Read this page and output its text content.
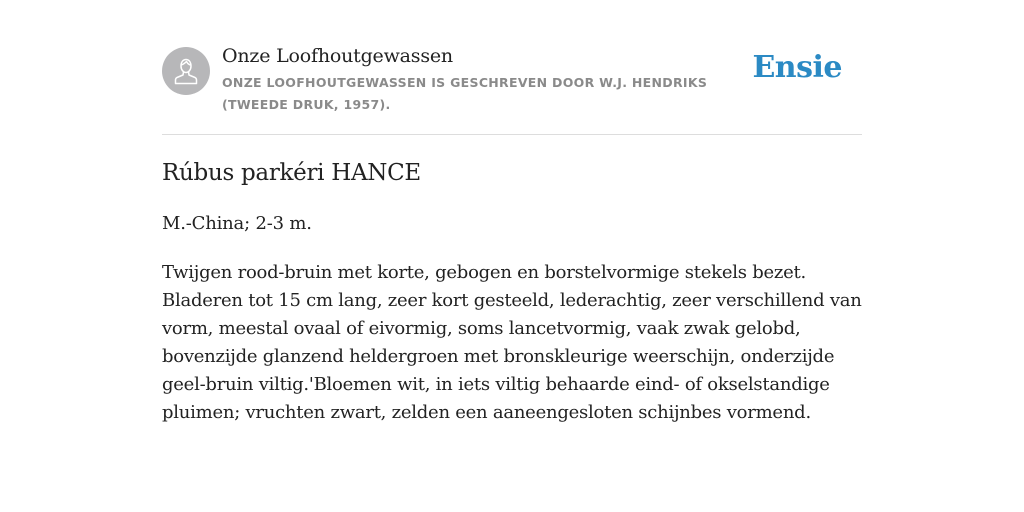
Onze Loofhoutgewassen
ONZE LOOFHOUTGEWASSEN IS GESCHREVEN DOOR W.J. HENDRIKS (TWEEDE DRUK, 1957).
Ensie
Rúbus parkéri HANCE

M.-China; 2-3 m.

Twijgen rood-bruin met korte, gebogen en borstelvormige stekels bezet. Bladeren tot 15 cm lang, zeer kort gesteeld, lederachtig, zeer verschillend van vorm, meestal ovaal of eivormig, soms lancetvormig, vaak zwak gelobd, bovenzijde glanzend heldergroen met bronskleurige weerschijn, onderzijde geel-bruin viltig.'Bloemen wit, in iets viltig behaarde eind- of okselstandige pluimen; vruchten zwart, zelden een aaneengesloten schijnbes vormend.
